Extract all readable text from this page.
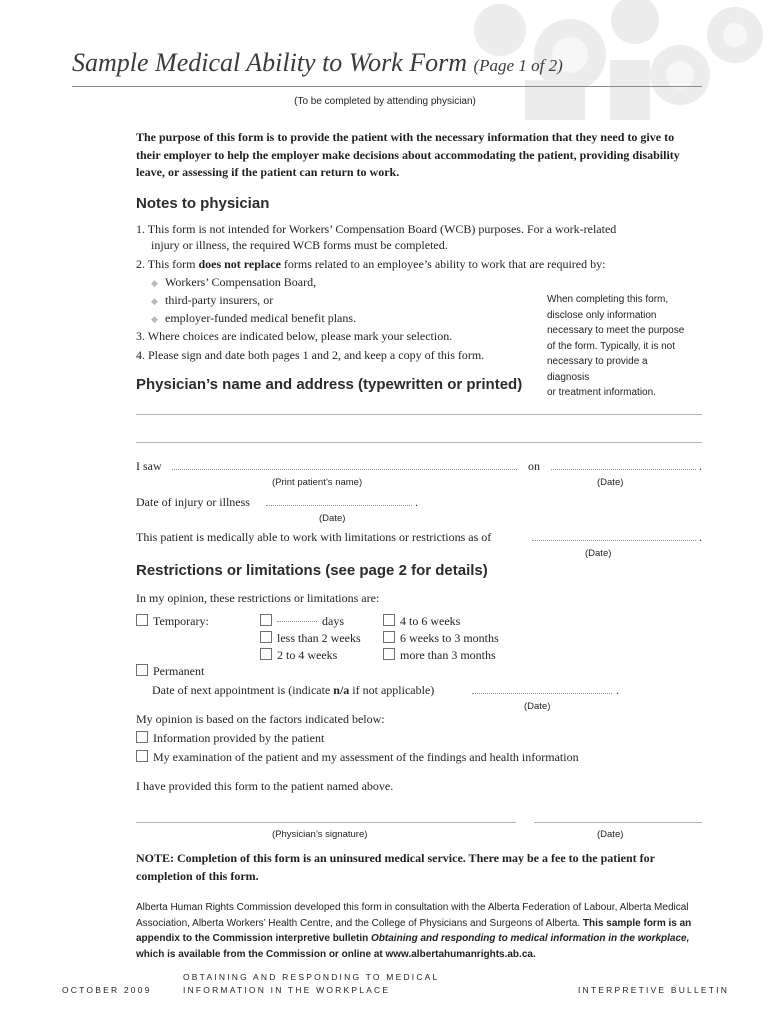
Sample Medical Ability to Work Form (Page 1 of 2)
(To be completed by attending physician)
The purpose of this form is to provide the patient with the necessary information that they need to give to their employer to help the employer make decisions about accommodating the patient, providing disability leave, or assessing if the patient can return to work.
Notes to physician
1. This form is not intended for Workers’ Compensation Board (WCB) purposes. For a work-related
injury or illness, the required WCB forms must be completed.
2. This form does not replace forms related to an employee’s ability to work that are required by:
◆ Workers’ Compensation Board,
◆ third-party insurers, or
◆ employer-funded medical benefit plans.
3. Where choices are indicated below, please mark your selection.
4. Please sign and date both pages 1 and 2, and keep a copy of this form.
When completing this form,
disclose only information
necessary to meet the purpose
of the form. Typically, it is not
necessary to provide a diagnosis
or treatment information.
Physician’s name and address (typewritten or printed)
I saw	on	.
(Print patient’s name)	(Date)
Date of injury or illness	.
(Date)
This patient is medically able to work with limitations or restrictions as of	.
(Date)
Restrictions or limitations (see page 2 for details)
In my opinion, these restrictions or limitations are:
Temporary:	days
less than 2 weeks
2 to 4 weeks
4 to 6 weeks
6 weeks to 3 months
more than 3 months
Permanent
Date of next appointment is (indicate n/a if not applicable)	.
(Date)
My opinion is based on the factors indicated below:
Information provided by the patient
My examination of the patient and my assessment of the findings and health information
I have provided this form to the patient named above.
(Physician’s signature)	(Date)
NOTE: Completion of this form is an uninsured medical service. There may be a fee to the patient for completion of this form.
Alberta Human Rights Commission developed this form in consultation with the Alberta Federation of Labour, Alberta Medical Association, Alberta Workers’ Health Centre, and the College of Physicians and Surgeons of Alberta. This sample form is an appendix to the Commission interpretive bulletin Obtaining and responding to medical information in the workplace, which is available from the Commission or online at www.albertahumanrights.ab.ca.
OCTOBER 2009
OBTAINING AND RESPONDING TO MEDICAL
INFORMATION IN THE WORKPLACE	INTERPRETIVE BULLETIN
